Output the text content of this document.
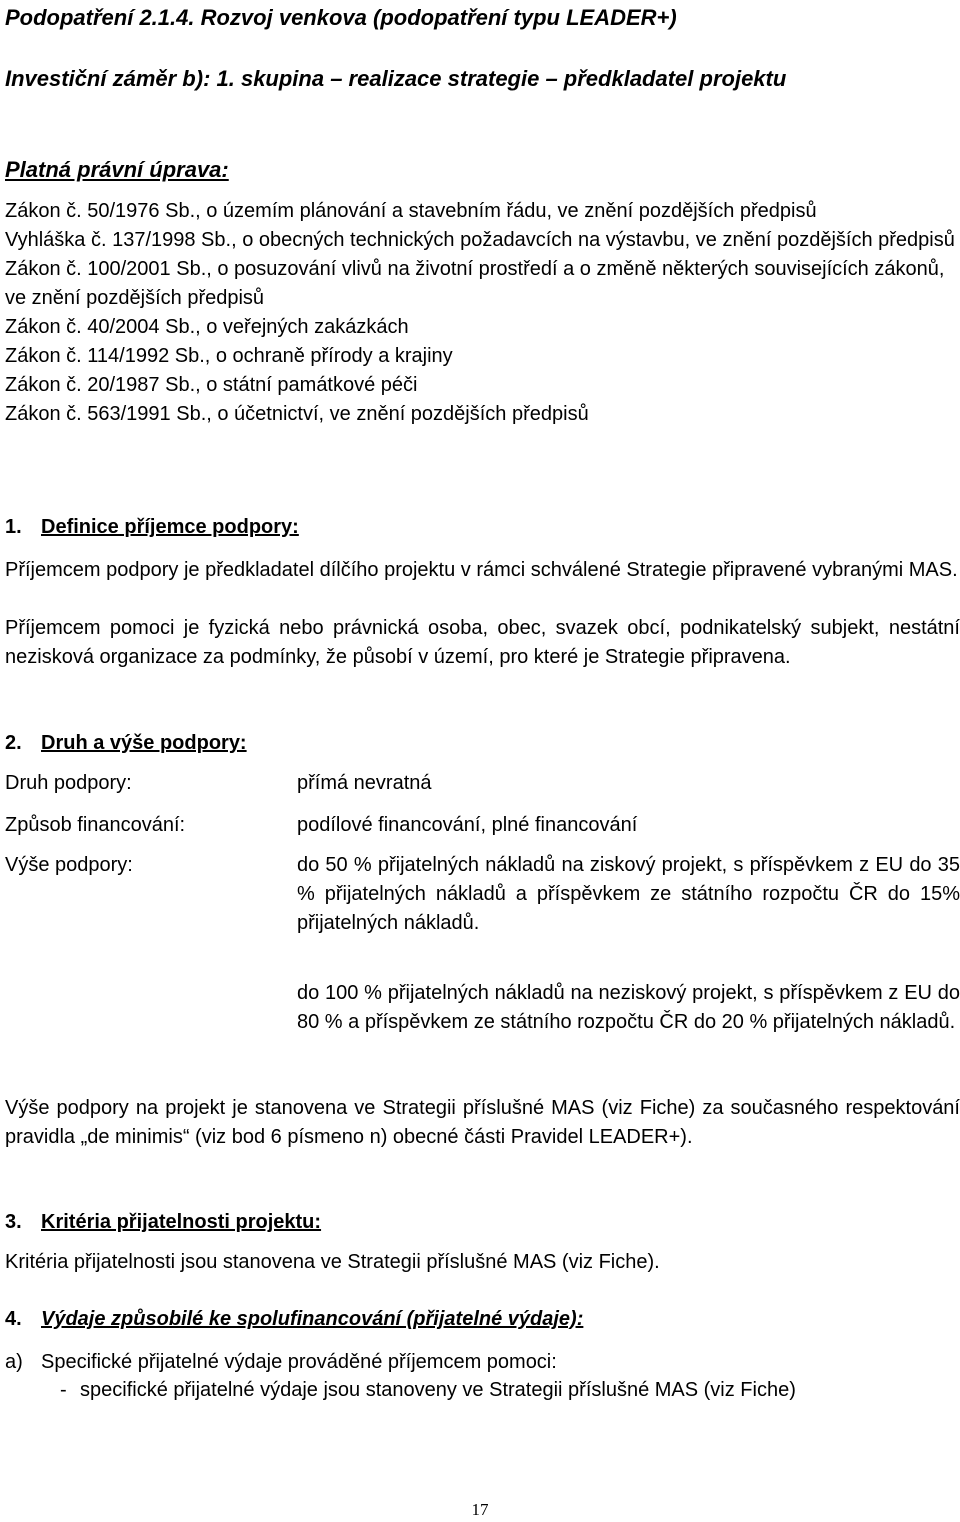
Podopatření 2.1.4. Rozvoj venkova (podopatření typu LEADER+)

Investiční záměr b): 1. skupina – realizace strategie – předkladatel projektu

Platná právní úprava:

Zákon č. 50/1976 Sb., o územím plánování a stavebním řádu, ve znění pozdějších předpisů

Vyhláška č. 137/1998 Sb., o obecných technických požadavcích na výstavbu, ve znění pozdějších předpisů

Zákon č. 100/2001 Sb., o posuzování vlivů na životní prostředí a o změně některých souvisejících zákonů, ve znění pozdějších předpisů

Zákon č. 40/2004 Sb., o veřejných zakázkách

Zákon č. 114/1992 Sb., o ochraně přírody a krajiny

Zákon č. 20/1987 Sb., o státní památkové péči

Zákon č. 563/1991 Sb., o účetnictví, ve znění pozdějších předpisů

1. Definice příjemce podpory:

Příjemcem podpory je předkladatel dílčího projektu v rámci schválené Strategie připravené vybranými MAS.

Příjemcem pomoci je fyzická nebo právnická osoba, obec, svazek obcí, podnikatelský subjekt, nestátní nezisková organizace za podmínky, že působí v území, pro které je Strategie připravena.

2. Druh a výše podpory:

Druh podpory:	přímá nevratná
Způsob financování:	podílové financování, plné financování
Výše podpory:	do 50 % přijatelných nákladů na ziskový projekt, s příspěvkem z EU do 35 % přijatelných nákladů a příspěvkem ze státního rozpočtu ČR do 15% přijatelných nákladů.
do 100 % přijatelných nákladů na neziskový projekt, s příspěvkem z EU do 80 % a příspěvkem ze státního rozpočtu ČR do 20 % přijatelných nákladů.

Výše podpory na projekt je stanovena ve Strategii příslušné MAS (viz Fiche) za současného respektování pravidla „de minimis“ (viz bod 6 písmeno n) obecné části Pravidel LEADER+).

3. Kritéria přijatelnosti projektu:

Kritéria přijatelnosti jsou stanovena ve Strategii příslušné MAS (viz Fiche).

4. Výdaje způsobilé ke spolufinancování (přijatelné výdaje):

a) Specifické přijatelné výdaje prováděné příjemcem pomoci:
- specifické přijatelné výdaje jsou stanoveny ve Strategii příslušné MAS (viz Fiche)
17
